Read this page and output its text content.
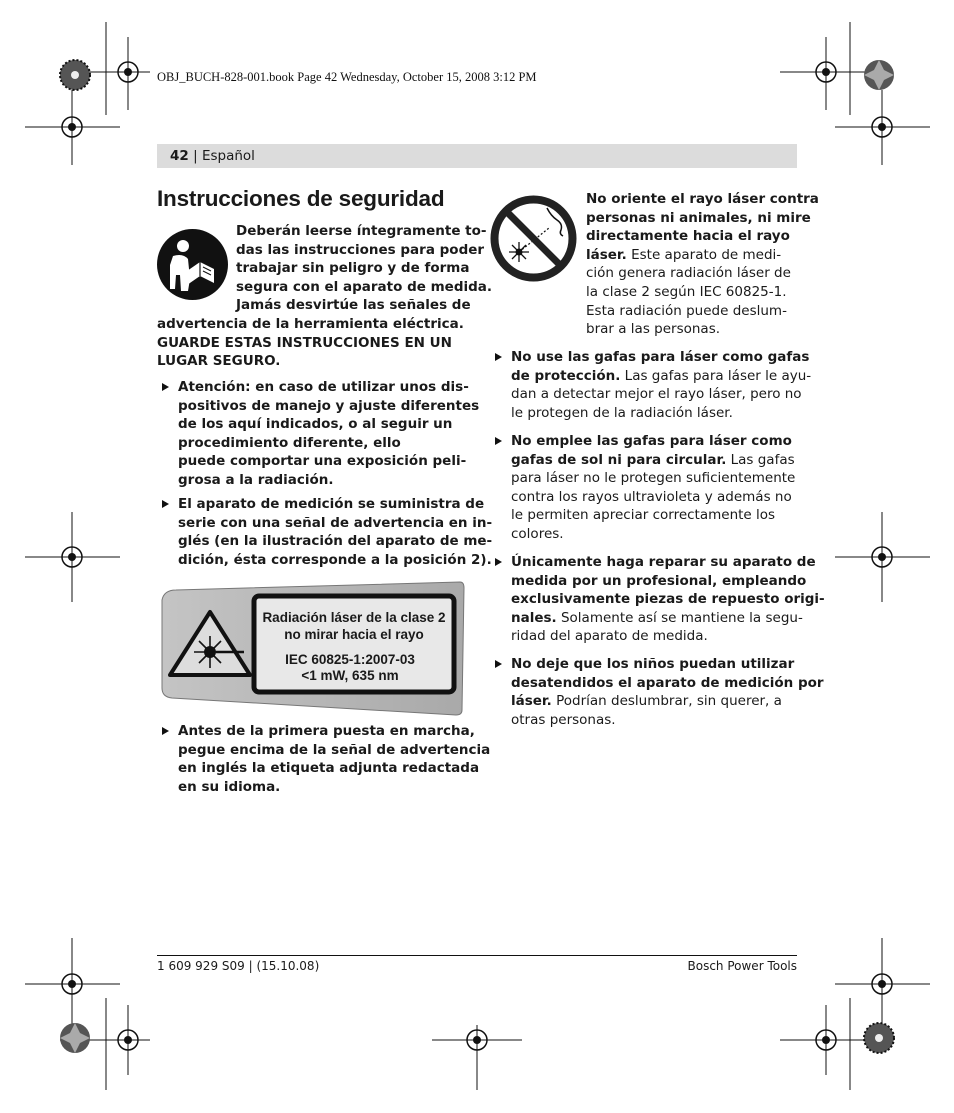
OBJ_BUCH-828-001.book Page 42 Wednesday, October 15, 2008 3:12 PM
42 | Español
Instrucciones de seguridad
Deberán leerse íntegramente to-
das las instrucciones para poder
trabajar sin peligro y de forma
segura con el aparato de medida.
Jamás desvirtúe las señales de
advertencia de la herramienta eléctrica.
GUARDE ESTAS INSTRUCCIONES EN UN
LUGAR SEGURO.
Atención: en caso de utilizar unos dis-
positivos de manejo y ajuste diferentes
de los aquí indicados, o al seguir un
procedimiento diferente, ello
puede comportar una exposición peli-
grosa a la radiación.
El aparato de medición se suministra de
serie con una señal de advertencia en in-
glés (en la ilustración del aparato de me-
dición, ésta corresponde a la posición 2).
Radiación láser de la clase 2
no mirar hacia el rayo
IEC 60825-1:2007-03
<1 mW, 635 nm
Antes de la primera puesta en marcha,
pegue encima de la señal de advertencia
en inglés la etiqueta adjunta redactada
en su idioma.
No oriente el rayo láser contra
personas ni animales, ni mire
directamente hacia el rayo
láser. Este aparato de medi-
ción genera radiación láser de
la clase 2 según IEC 60825-1.
Esta radiación puede deslum-
brar a las personas.
No use las gafas para láser como gafas
de protección. Las gafas para láser le ayu-
dan a detectar mejor el rayo láser, pero no
le protegen de la radiación láser.
No emplee las gafas para láser como
gafas de sol ni para circular. Las gafas
para láser no le protegen suficientemente
contra los rayos ultravioleta y además no
le permiten apreciar correctamente los
colores.
Únicamente haga reparar su aparato de
medida por un profesional, empleando
exclusivamente piezas de repuesto origi-
nales. Solamente así se mantiene la segu-
ridad del aparato de medida.
No deje que los niños puedan utilizar
desatendidos el aparato de medición por
láser. Podrían deslumbrar, sin querer, a
otras personas.
1 609 929 S09 | (15.10.08)	Bosch Power Tools
